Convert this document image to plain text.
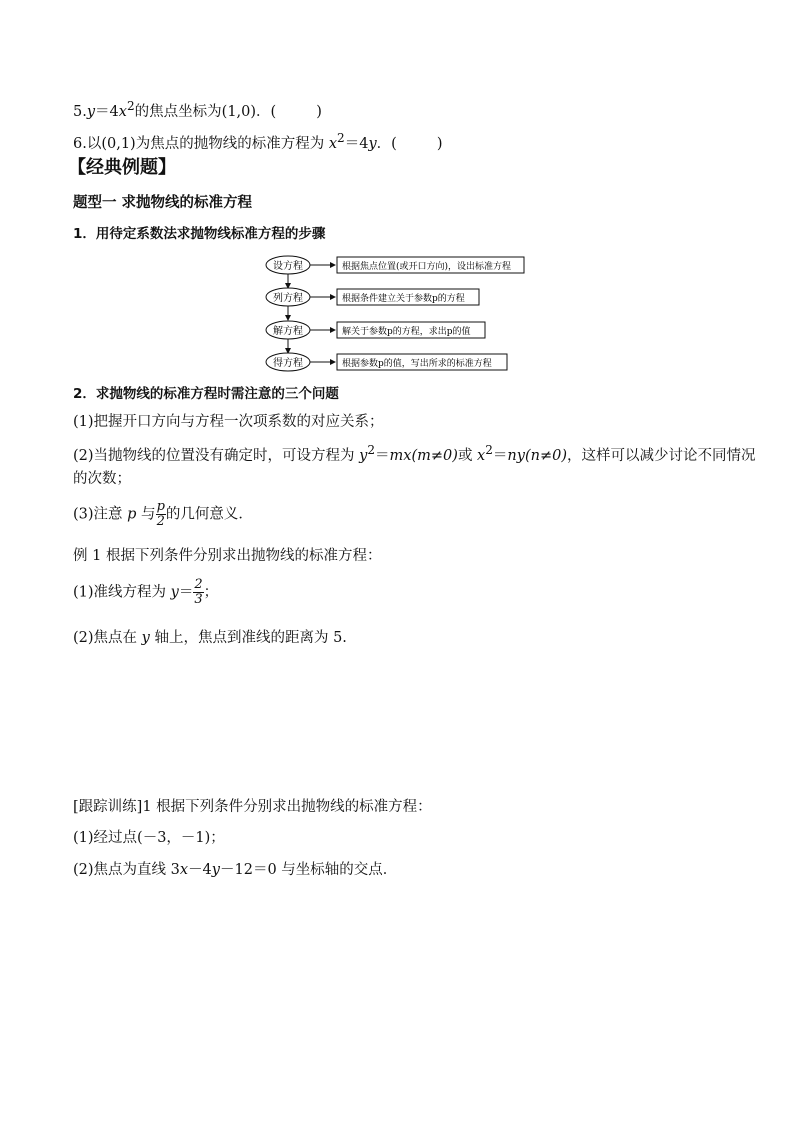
$5.y=4x^2$的焦点坐标为(1,0)．(	)
6.以(0,1)为焦点的抛物线的标准方程为 $x^2=4y$．(	)
【经典例题】
题型一 求抛物线的标准方程
1．用待定系数法求抛物线标准方程的步骤
设方程	根据焦点位置(或开口方向)，设出标准方程
列方程	根据条件建立关于参数p的方程
解方程	解关于参数p的方程，求出p的值
得方程	根据参数p的值，写出所求的标准方程
2．求抛物线的标准方程时需注意的三个问题
(1)把握开口方向与方程一次项系数的对应关系；
(2)当抛物线的位置没有确定时，可设方程为 $y^2=mx(m\ne 0)$或 $x^2=ny(n\ne 0)$，这样可以减少讨论不同情况
的次数；
(3)注意 p 与 $\frac{p}{2}$ 的几何意义．
例 1 根据下列条件分别求出抛物线的标准方程：
(1)准线方程为 $y= \frac{2}{3}$ ；
(2)焦点在 y 轴上，焦点到准线的距离为 5.
[跟踪训练]1 根据下列条件分别求出抛物线的标准方程：
(1)经过点(－3，－1)；
(2)焦点为直线 3x－4y－12＝0 与坐标轴的交点．
